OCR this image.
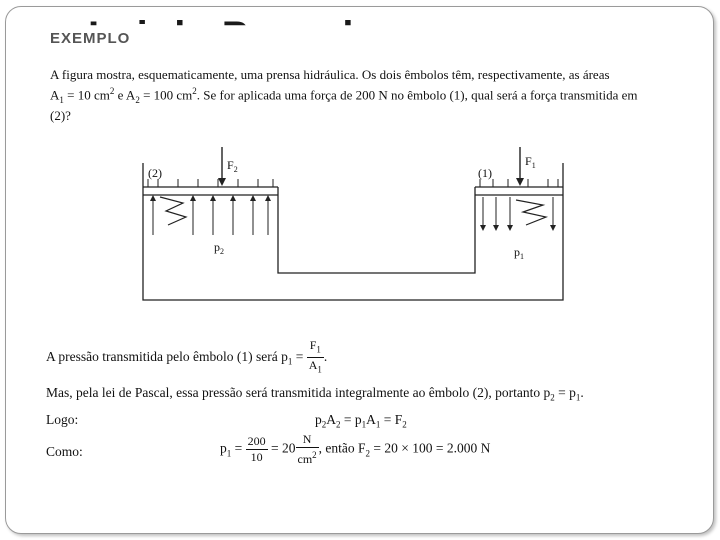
EXEMPLO
A figura mostra, esquematicamente, uma prensa hidráulica. Os dois êmbolos têm, respectivamente, as áreas
$A_1 = 10$ $cm^2$ e $A_2 = 100$ $cm^2$. Se for aplicada uma força de 200 N no êmbolo (1), qual será a força transmitida em
(2)?
(2)	(1)
$F_2$
$F_1$
$p_2$	$p_1$
A pressão transmitida pelo êmbolo (1) será $p_1 = \frac{F_1}{A_1}$ .
Mas, pela lei de Pascal, essa pressão será transmitida integralmente ao êmbolo (2), portanto $p_2 = p_1$.
Logo:	$p_2A_2 = p_1A_1 = F_2$
Como:	$p_1 = \frac{200}{10} = 20 \frac{N}{cm^2}$ , então $F_2 = 20 \times 100 = 2.000$ N
